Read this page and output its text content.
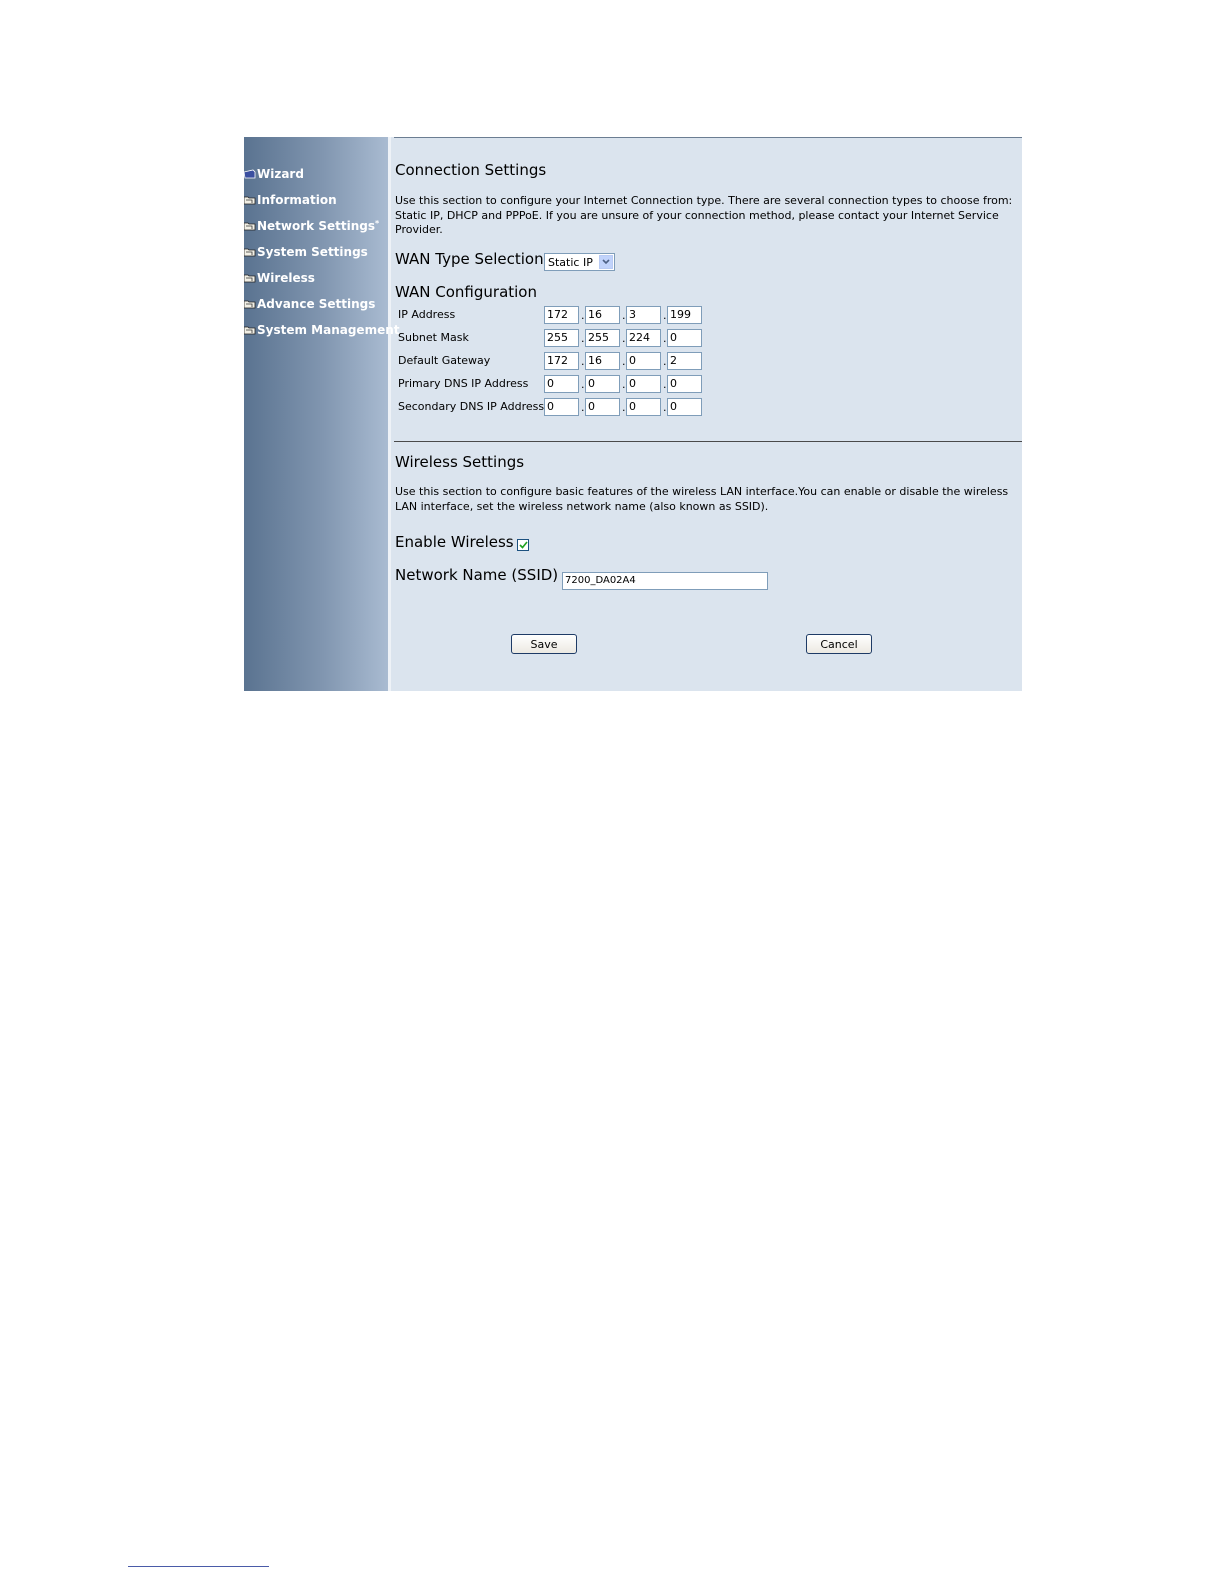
Wizard
Information
Network Settings *
System Settings
Wireless
Advance Settings
System Management
Connection Settings
Use this section to configure your Internet Connection type. There are several connection types to choose from: Static IP, DHCP and PPPoE. If you are unsure of your connection method, please contact your Internet Service Provider.
WAN Type Selection Static IP
WAN Configuration
IP Address	172	. 16	. 3	. 199
Subnet Mask	255	. 255	. 224	. 0
Default Gateway	172	. 16	. 0	. 2
Primary DNS IP Address 0	. 0	. 0	. 0
Secondary DNS IP Address 0	. 0	. 0	. 0
Wireless Settings
Use this section to configure basic features of the wireless LAN interface.You can enable or disable the wireless LAN interface, set the wireless network name (also known as SSID).
Enable Wireless
Network Name (SSID) 7200_DA02A4
Save	Cancel
